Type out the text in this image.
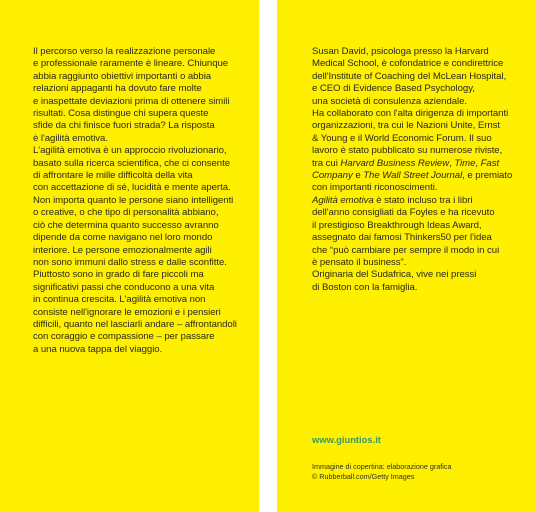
Il percorso verso la realizzazione personale
e professionale raramente è lineare. Chiunque
abbia raggiunto obiettivi importanti o abbia
relazioni appaganti ha dovuto fare molte
e inaspettate deviazioni prima di ottenere simili
risultati. Cosa distingue chi supera queste
sfide da chi finisce fuori strada? La risposta
è l'agilità emotiva.
L'agilità emotiva è un approccio rivoluzionario,
basato sulla ricerca scientifica, che ci consente
di affrontare le mille difficoltà della vita
con accettazione di sé, lucidità e mente aperta.
Non importa quanto le persone siano intelligenti
o creative, o che tipo di personalità abbiano,
ciò che determina quanto successo avranno
dipende da come navigano nel loro mondo
interiore. Le persone emozionalmente agili
non sono immuni dallo stress e dalle sconfitte.
Piuttosto sono in grado di fare piccoli ma
significativi passi che conducono a una vita
in continua crescita. L'agilità emotiva non
consiste nell'ignorare le emozioni e i pensieri
difficili, quanto nel lasciarli andare – affrontandoli
con coraggio e compassione – per passare
a una nuova tappa del viaggio.

Susan David, psicologa presso la Harvard
Medical School, è cofondatrice e condirettrice
dell'Institute of Coaching del McLean Hospital,
e CEO di Evidence Based Psychology,
una società di consulenza aziendale.
Ha collaborato con l'alta dirigenza di importanti
organizzazioni, tra cui le Nazioni Unite, Ernst
& Young e il World Economic Forum. Il suo
lavoro è stato pubblicato su numerose riviste,
tra cui Harvard Business Review, Time, Fast
Company e The Wall Street Journal, e premiato
con importanti riconoscimenti.
Agilità emotiva è stato incluso tra i libri
dell'anno consigliati da Foyles e ha ricevuto
il prestigioso Breakthrough Ideas Award,
assegnato dai famosi Thinkers50 per l'idea
che “può cambiare per sempre il modo in cui
è pensato il business”.
Originaria del Sudafrica, vive nei pressi
di Boston con la famiglia.

www.giuntios.it

Immagine di copertina: elaborazione grafica
© Rubberball.com/Getty Images
